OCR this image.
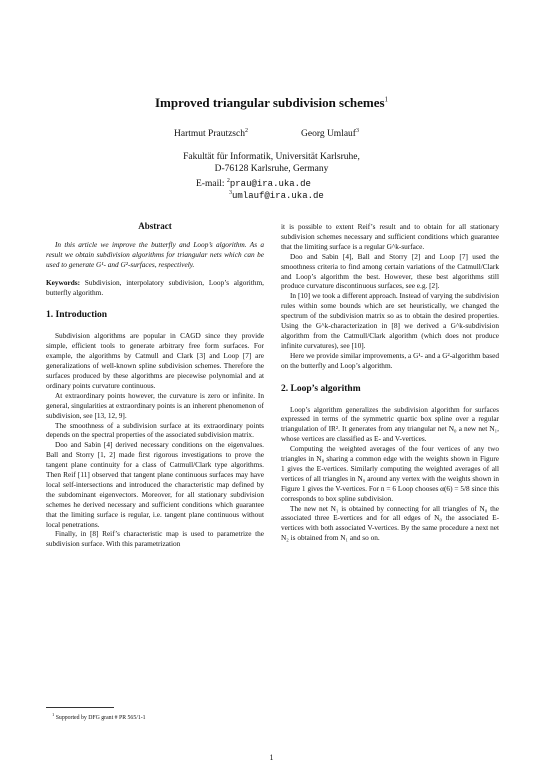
Improved triangular subdivision schemes$^1$
Hartmut Prautzsch$^2$	Georg Umlauf$^3$
Fakultät für Informatik, Universität Karlsruhe,
D-76128 Karlsruhe, Germany
E-mail: $^2$prau@ira.uka.de
$^3$umlauf@ira.uka.de
Abstract

In this article we improve the butterfly and Loop’s algorithm. As a result we obtain subdivision algorithms for triangular nets which can be used to generate G¹- and G²-surfaces, respectively.

Keywords: Subdivision, interpolatory subdivision, Loop’s algorithm, butterfly algorithm.

1. Introduction

Subdivision algorithms are popular in CAGD since they provide simple, efficient tools to generate arbitrary free form surfaces. For example, the algorithms by Catmull and Clark [3] and Loop [7] are generalizations of well-known spline subdivision schemes. Therefore the surfaces produced by these algorithms are piecewise polynomial and at ordinary points curvature continuous.

At extraordinary points however, the curvature is zero or infinite. In general, singularities at extraordinary points is an inherent phenomenon of subdivision, see [13, 12, 9].

The smoothness of a subdivision surface at its extraordinary points depends on the spectral properties of the associated subdivision matrix.

Doo and Sabin [4] derived necessary conditions on the eigenvalues. Ball and Storry [1, 2] made first rigorous investigations to prove the tangent plane continuity for a class of Catmull/Clark type algorithms. Then Reif [11] observed that tangent plane continuous surfaces may have local self-intersections and introduced the characteristic map defined by the subdominant eigenvectors. Moreover, for all stationary subdivision schemes he derived necessary and sufficient conditions which guarantee that the limiting surface is regular, i.e. tangent plane continuous without local penetrations.

Finally, in [8] Reif’s characteristic map is used to parametrize the subdivision surface. With this parametrization

it is possible to extent Reif’s result and to obtain for all stationary subdivision schemes necessary and sufficient conditions which guarantee that the limiting surface is a regular G^k-surface.

Doo and Sabin [4], Ball and Storry [2] and Loop [7] used the smoothness criteria to find among certain variations of the Catmull/Clark and Loop’s algorithm the best. However, these best algorithms still produce curvature discontinuous surfaces, see e.g. [2].

In [10] we took a different approach. Instead of varying the subdivision rules within some bounds which are set heuristically, we changed the spectrum of the subdivision matrix so as to obtain the desired properties. Using the G^k-characterization in [8] we derived a G^k-subdivision algorithm from the Catmull/Clark algorithm (which does not produce infinite curvatures), see [10].

Here we provide similar improvements, a G¹- and a G²-algorithm based on the butterfly and Loop’s algorithm.

2. Loop’s algorithm

Loop’s algorithm generalizes the subdivision algorithm for surfaces expressed in terms of the symmetric quartic box spline over a regular triangulation of IR². It generates from any triangular net N₀ a new net N₁, whose vertices are classified as E- and V-vertices.

Computing the weighted averages of the four vertices of any two triangles in N₀ sharing a common edge with the weights shown in Figure 1 gives the E-vertices. Similarly computing the weighted averages of all vertices of all triangles in N₀ around any vertex with the weights shown in Figure 1 gives the V-vertices. For n = 6 Loop chooses α(6) = 5/8 since this corresponds to box spline subdivision.

The new net N₁ is obtained by connecting for all triangles of N₀ the associated three E-vertices and for all edges of N₀ the associated E-vertices with both associated V-vertices. By the same procedure a next net N₂ is obtained from N₁ and so on.

$^1$ Supported by DFG grant # PR 565/1-1
1
